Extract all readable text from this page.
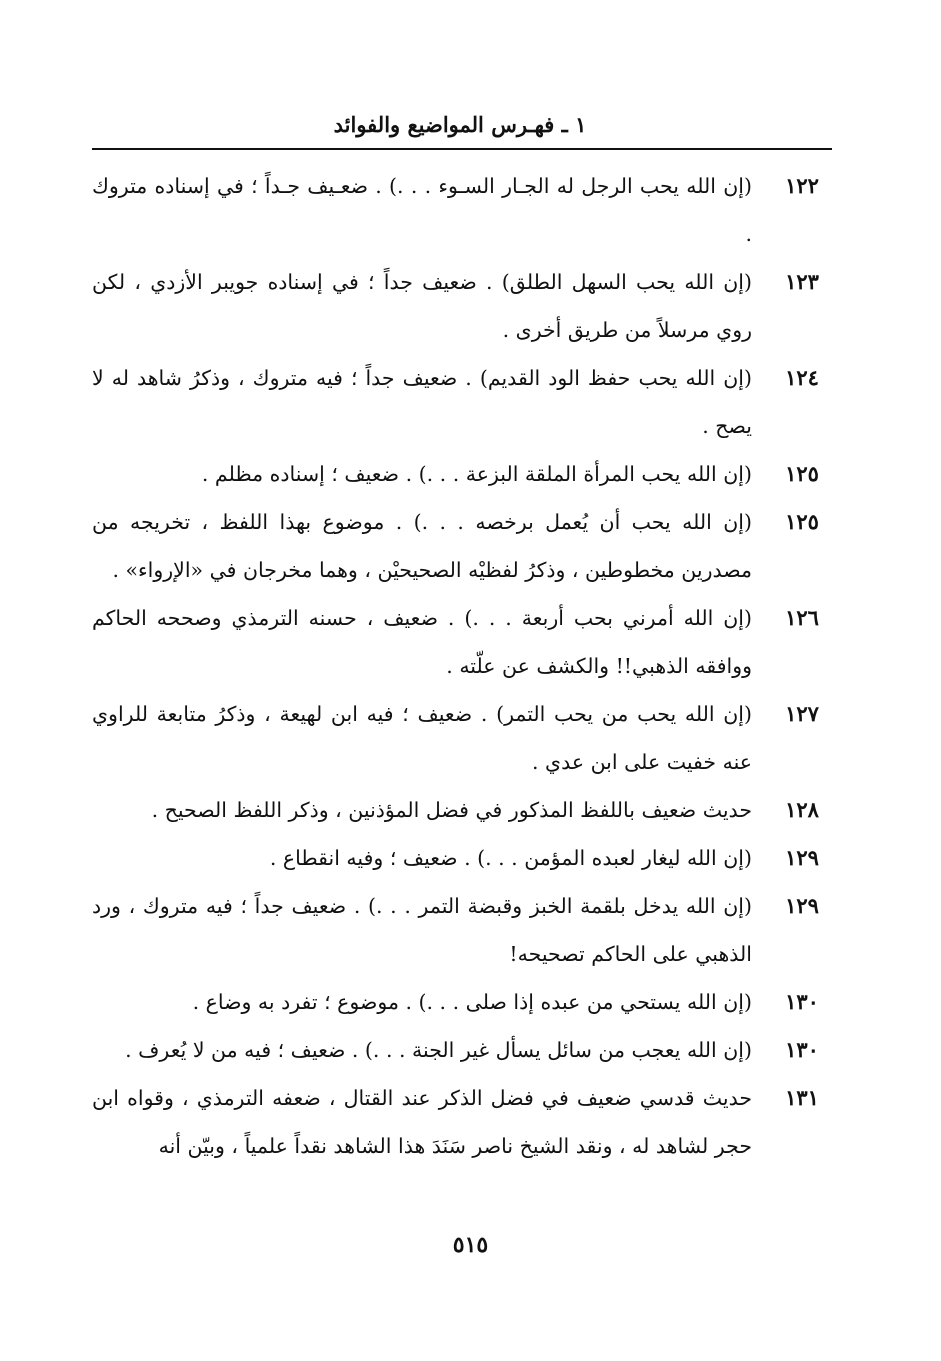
١ ـ فهـرس المواضيع والفوائد
١٢٢
(إن الله يحب الرجل له الجـار السـوء . . .) . ضعـيف جـداً ؛ في إسناده متروك .
١٢٣
(إن الله يحب السهل الطلق) . ضعيف جداً ؛ في إسناده جويبر الأزدي ، لكن روي مرسلاً من طريق أخرى .
١٢٤
(إن الله يحب حفظ الود القديم) . ضعيف جداً ؛ فيه متروك ، وذكرُ شاهد له لا يصح .
١٢٥
(إن الله يحب المرأة الملقة البزعة . . .) . ضعيف ؛ إسناده مظلم .
١٢٥
(إن الله يحب أن يُعمل برخصه . . .) . موضوع بهذا اللفظ ، تخريجه من مصدرين مخطوطين ، وذكرُ لفظيْه الصحيحيْن ، وهما مخرجان في «الإرواء» .
١٢٦
(إن الله أمرني بحب أربعة . . .) . ضعيف ، حسنه الترمذي وصححه الحاكم ووافقه الذهبي!! والكشف عن علّته .
١٢٧
(إن الله يحب من يحب التمر) . ضعيف ؛ فيه ابن لهيعة ، وذكرُ متابعة للراوي عنه خفيت على ابن عدي .
١٢٨
حديث ضعيف باللفظ المذكور في فضل المؤذنين ، وذكر اللفظ الصحيح .
١٢٩
(إن الله ليغار لعبده المؤمن . . .) . ضعيف ؛ وفيه انقطاع .
١٢٩
(إن الله يدخل بلقمة الخبز وقبضة التمر . . .) . ضعيف جداً ؛ فيه متروك ، ورد الذهبي على الحاكم تصحيحه!
١٣٠
(إن الله يستحي من عبده إذا صلى . . .) . موضوع ؛ تفرد به وضاع .
١٣٠
(إن الله يعجب من سائل يسأل غير الجنة . . .) . ضعيف ؛ فيه من لا يُعرف .
١٣١
حديث قدسي ضعيف في فضل الذكر عند القتال ، ضعفه الترمذي ، وقواه ابن حجر لشاهد له ، ونقد الشيخ ناصر سَنَدَ هذا الشاهد نقداً علمياً ، وبيّن أنه
٥١٥
